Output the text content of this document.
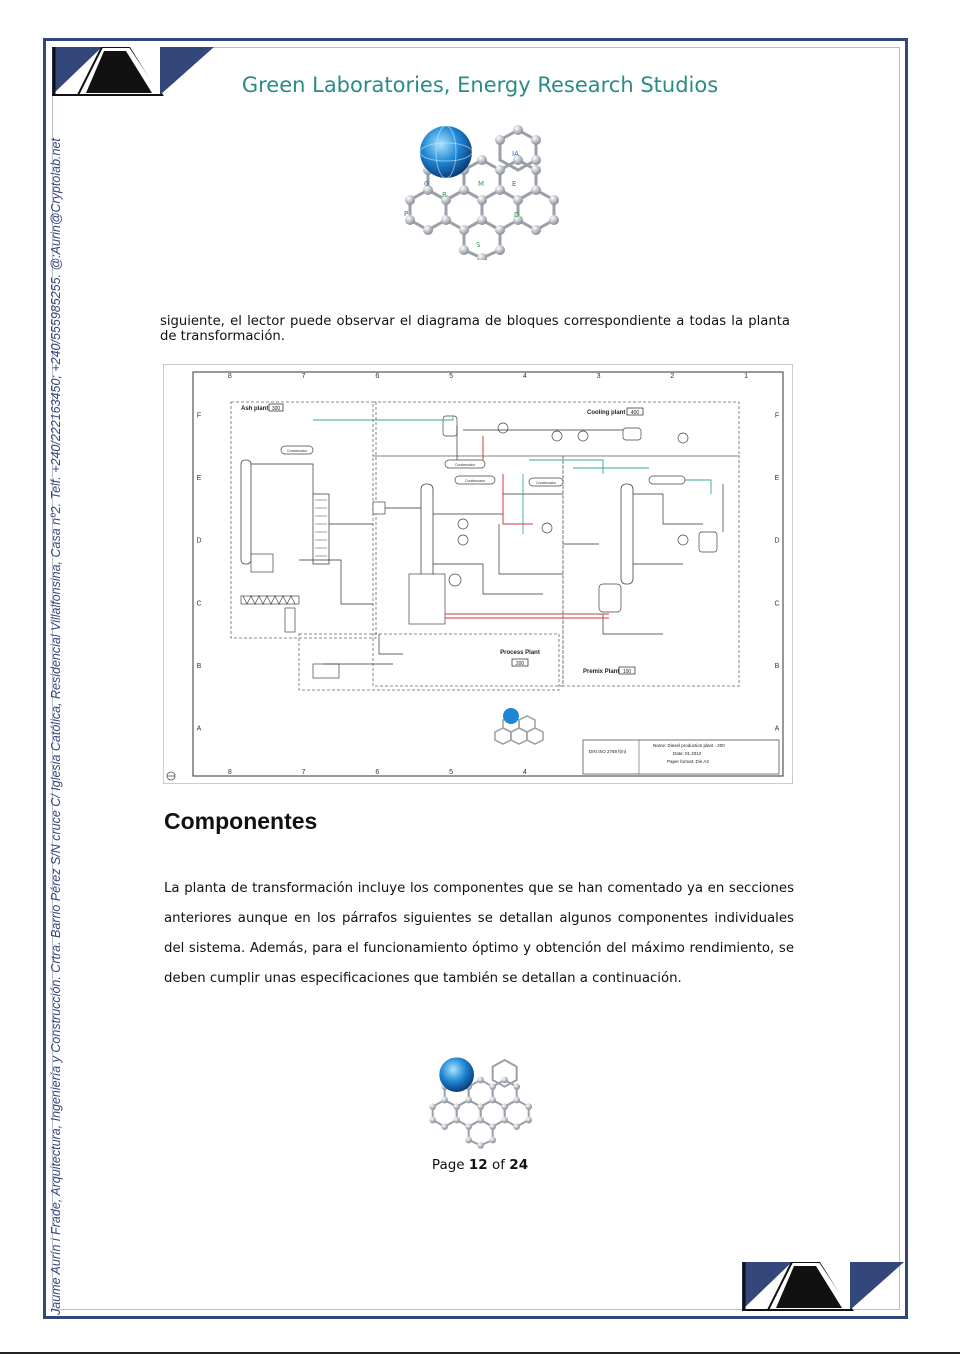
Jaume Aurín i Frade, Arquitectura, Ingeniería y Construcción. Crtra. Barrio Pérez S/N cruce C/ Iglesia Católica, Residencial Villalfonsina, Casa nº2. Telf. +240/222163450; +240/555985255. @:Aurin@Cryptolab.net
Green Laboratories, Energy Research Studios
R
M
D
S
IA
E
G
P
siguiente, el lector puede observar el diagrama de bloques correspondiente a todas la planta de transformación.
8
8
7
7
6
6
5
5
4
4
3	2	1
F	F
E	E
D	D
C	C
B	B
A	A
Ash plant 300
Cooling plant 400
Process Plant
200
Premix Plant 100
Condensator
Condensator
Condensator	Condensator
Name: Diesel production plant - 200
Date: 01.2012
Paper format: Din A3
DIN ISO 2768 f(m)
Componentes
La planta de transformación incluye los componentes que se han comentado ya en secciones anteriores aunque en los párrafos siguientes se detallan algunos componentes individuales del sistema. Además, para el funcionamiento óptimo y obtención del máximo rendimiento, se deben cumplir unas especificaciones que también se detallan a continuación.
Page 12 of 24
